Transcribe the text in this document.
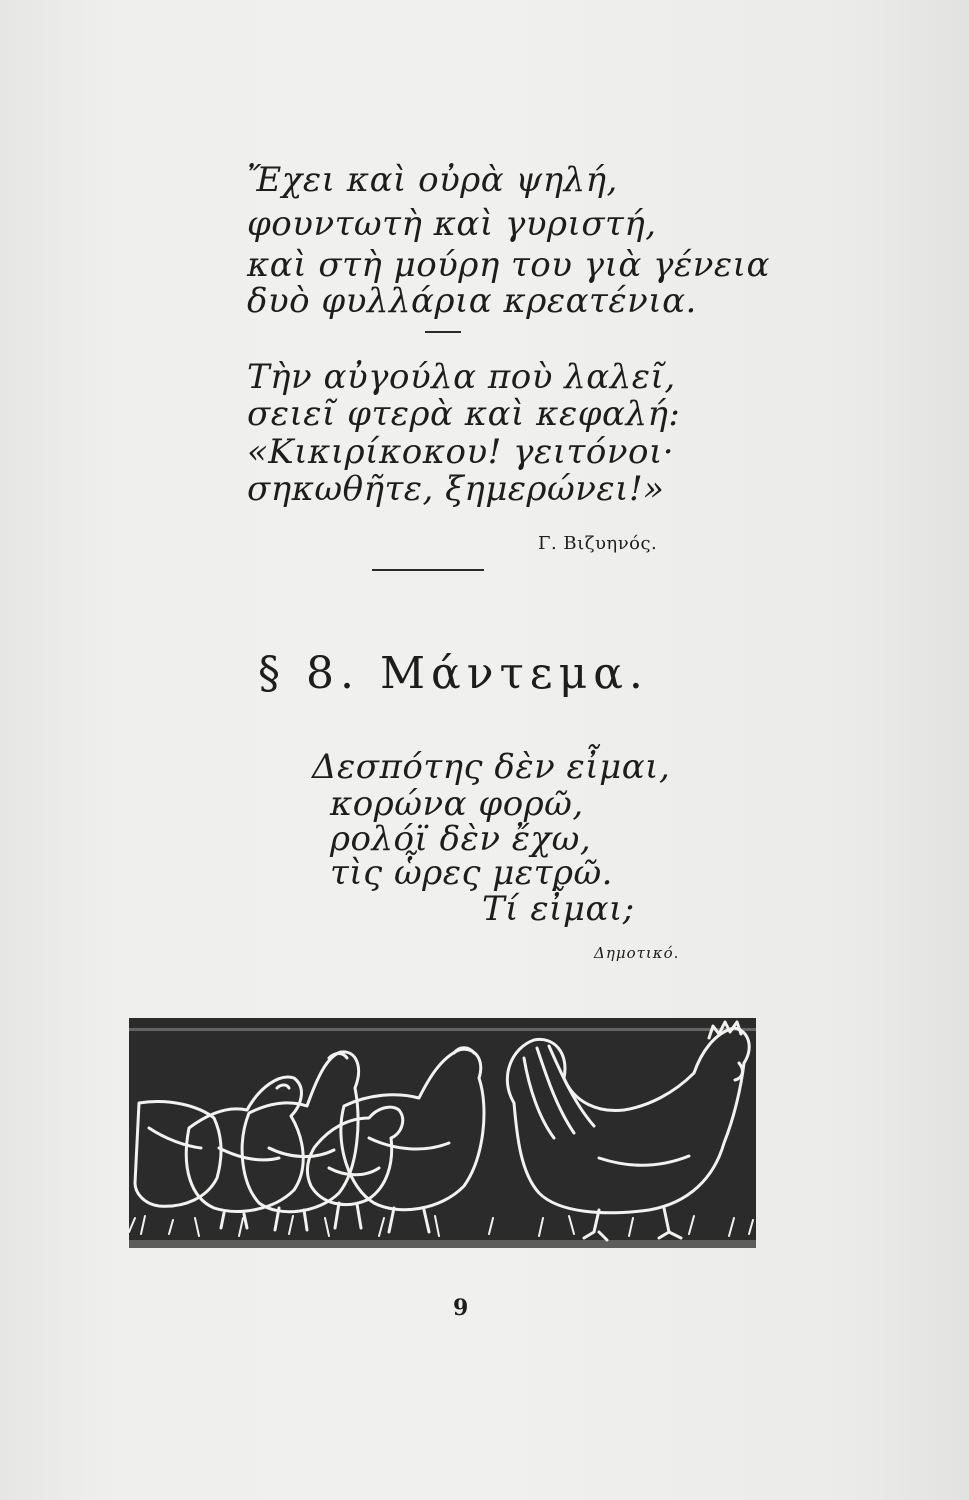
Ἔχει καὶ οὐρὰ ψηλή,
φουντωτὴ καὶ γυριστή,
καὶ στὴ μούρη του γιὰ γένεια
δυὸ φυλλάρια κρεατένια.
Τὴν αὐγούλα ποὺ λαλεῖ,
σειεῖ φτερὰ καὶ κεφαλή:
«Κικιρίκοκου! γειτόνοι·
σηκωθῆτε, ξημερώνει!»
Γ. Βιζυηνός.
§ 8. Μάντεμα.
Δεσπότης δὲν εἶμαι,
κορώνα φορῶ,
ρολόϊ δὲν ἔχω,
τὶς ὧρες μετρῶ.
Τί εἶμαι;
Δημοτικό.
9
